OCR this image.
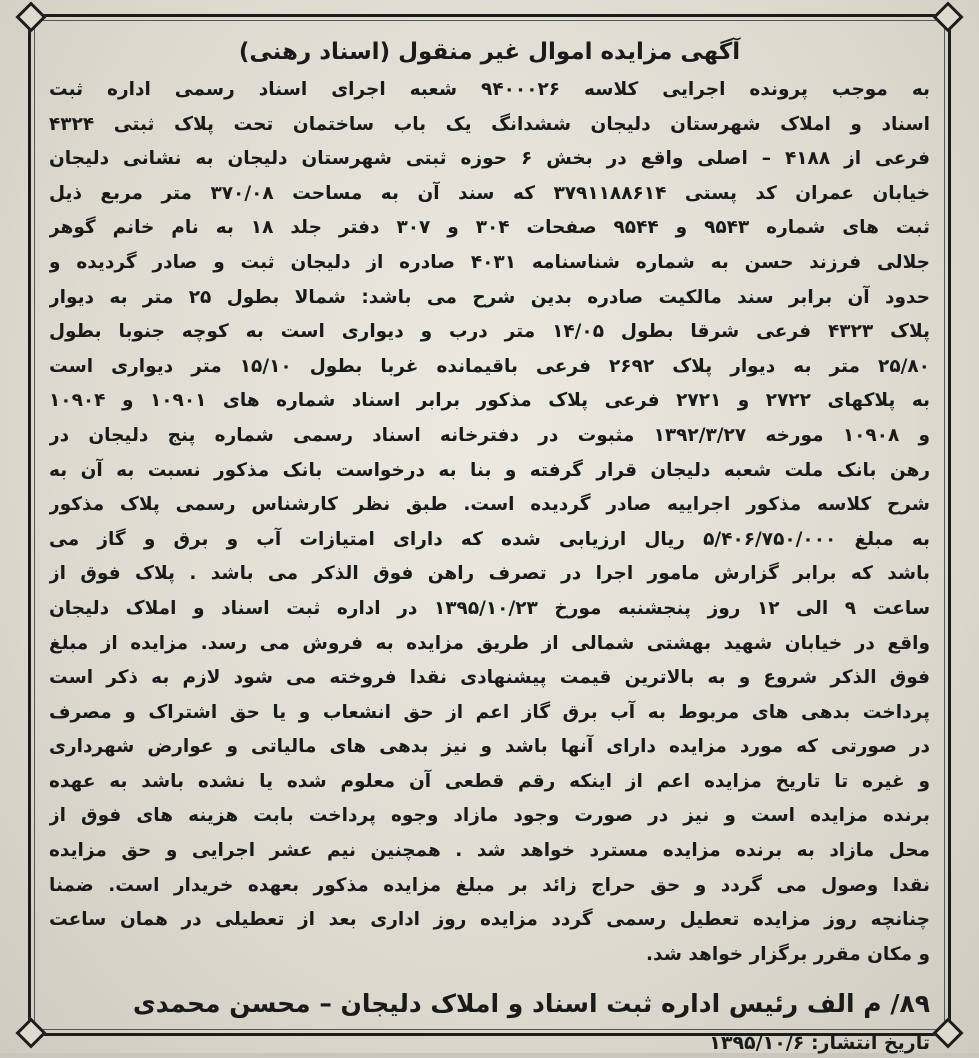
آگهی مزایده اموال غیر منقول (اسناد رهنی)
به موجب پرونده اجرایی کلاسه ۹۴۰۰۰۲۶ شعبه اجرای اسناد رسمی اداره ثبت
اسناد و املاک شهرستان دلیجان ششدانگ یک باب ساختمان تحت پلاک ثبتی ۴۳۲۴
فرعی از ۴۱۸۸ – اصلی واقع در بخش ۶ حوزه ثبتی شهرستان دلیجان به نشانی دلیجان
خیابان عمران کد پستی ۳۷۹۱۱۸۸۶۱۴ که سند آن به مساحت ۳۷۰/۰۸ متر مربع ذیل
ثبت های شماره ۹۵۴۳ و ۹۵۴۴ صفحات ۳۰۴ و ۳۰۷ دفتر جلد ۱۸ به نام خانم گوهر
جلالی فرزند حسن به شماره شناسنامه ۴۰۳۱ صادره از دلیجان ثبت و صادر گردیده و
حدود آن برابر سند مالکیت صادره بدین شرح می باشد: شمالا بطول ۲۵ متر به دیوار
پلاک ۴۳۲۳ فرعی شرقا بطول ۱۴/۰۵ متر درب و دیواری است به کوچه جنوبا بطول
۲۵/۸۰ متر به دیوار پلاک ۲۶۹۲ فرعی باقیمانده غربا بطول ۱۵/۱۰ متر دیواری است
به پلاکهای ۲۷۲۲ و ۲۷۲۱ فرعی پلاک مذکور برابر اسناد شماره های ۱۰۹۰۱ و ۱۰۹۰۴
و ۱۰۹۰۸ مورخه ۱۳۹۲/۳/۲۷ مثبوت در دفترخانه اسناد رسمی شماره پنج دلیجان در
رهن بانک ملت شعبه دلیجان قرار گرفته و بنا به درخواست بانک مذکور نسبت به آن به
شرح کلاسه مذکور اجراییه صادر گردیده است. طبق نظر کارشناس رسمی پلاک مذکور
به مبلغ ۵/۴۰۶/۷۵۰/۰۰۰ ریال ارزیابی شده که دارای امتیازات آب و برق و گاز می
باشد که برابر گزارش مامور اجرا در تصرف راهن فوق الذکر می باشد . پلاک فوق از
ساعت ۹ الی ۱۲ روز پنجشنبه مورخ ۱۳۹۵/۱۰/۲۳ در اداره ثبت اسناد و املاک دلیجان
واقع در خیابان شهید بهشتی شمالی از طریق مزایده به فروش می رسد. مزایده از مبلغ
فوق الذکر شروع و به بالاترین قیمت پیشنهادی نقدا فروخته می شود لازم به ذکر است
پرداخت بدهی های مربوط به آب برق گاز اعم از حق انشعاب و یا حق اشتراک و مصرف
در صورتی که مورد مزایده دارای آنها باشد و نیز بدهی های مالیاتی و عوارض شهرداری
و غیره تا تاریخ مزایده اعم از اینکه رقم قطعی آن معلوم شده یا نشده باشد به عهده
برنده مزایده است و نیز در صورت وجود مازاد وجوه پرداخت بابت هزینه های فوق از
محل مازاد به برنده مزایده مسترد خواهد شد . همچنین نیم عشر اجرایی و حق مزایده
نقدا وصول می گردد و حق حراج زائد بر مبلغ مزایده مذکور بعهده خریدار است. ضمنا
چنانچه روز مزایده تعطیل رسمی گردد مزایده روز اداری بعد از تعطیلی در همان ساعت
و مکان مقرر برگزار خواهد شد.
۸۹/ م الف رئیس اداره ثبت اسناد و املاک دلیجان – محسن محمدی
تاریخ انتشار: ۱۳۹۵/۱۰/۶
